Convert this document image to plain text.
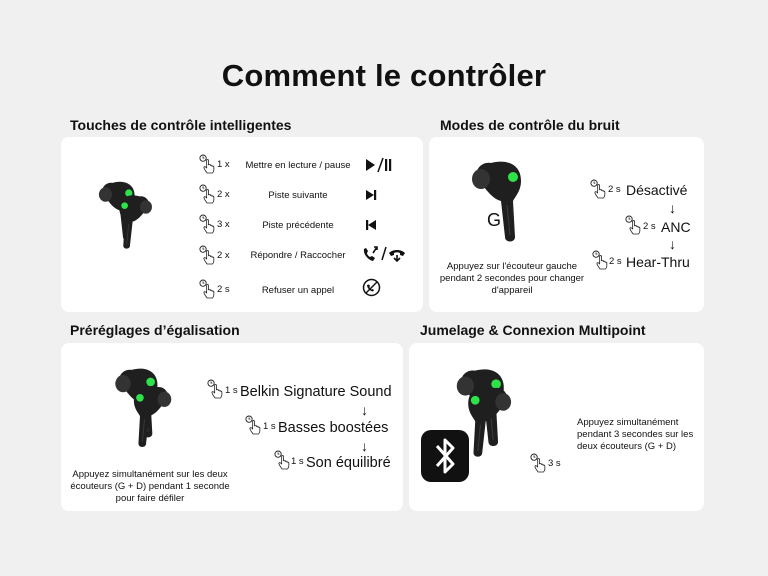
Comment le contrôler
Touches de contrôle intelligentes
1 x	Mettre en lecture / pause
2 x	Piste suivante
3 x	Piste précédente
2 x	Répondre / Raccocher
2 s	Refuser un appel
Modes de contrôle du bruit
G
Appuyez sur l'écouteur gauche pendant 2 secondes pour changer d'appareil
2 s Désactivé
↓
2 s ANC
↓
2 s Hear-Thru
Préréglages d’égalisation
Appuyez simultanément sur les deux écouteurs (G + D) pendant 1 seconde pour faire défiler
1 s Belkin Signature Sound
↓
1 s Basses boostées
↓
1 s Son équilibré
Jumelage & Connexion Multipoint
3 s
Appuyez simultanément pendant 3 secondes sur les deux écouteurs (G + D)
